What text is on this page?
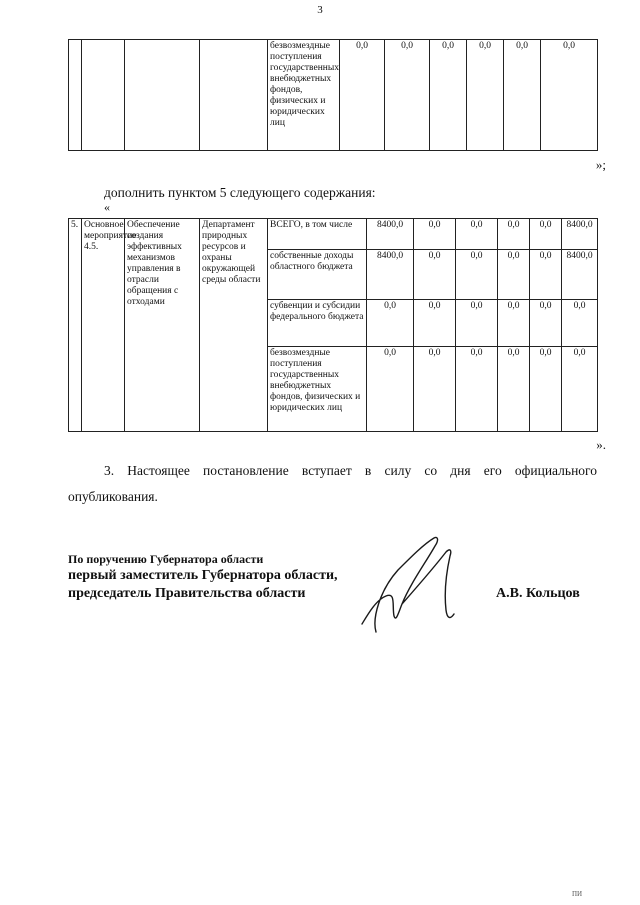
3
				безвозмездные поступления государственных внебюджетных фондов, физических и юридических лиц	0,0	0,0	0,0	0,0	0,0	0,0
»;
дополнить пунктом 5 следующего содержания:
«
5.	Основное мероприятие 4.5.	Обеспечение создания эффективных механизмов управления в отрасли обращения с отходами	Департамент природных ресурсов и охраны окружающей среды области	ВСЕГО, в том числе	8400,0	0,0	0,0	0,0	0,0	8400,0
				собственные доходы областного бюджета	8400,0	0,0	0,0	0,0	0,0	8400,0
				субвенции и субсидии федерального бюджета	0,0	0,0	0,0	0,0	0,0	0,0
				безвозмездные поступления государственных внебюджетных фондов, физических и юридических лиц	0,0	0,0	0,0	0,0	0,0	0,0
».
3. Настоящее постановление вступает в силу со дня его официального опубликования.
По поручению Губернатора области
первый заместитель Губернатора области,
председатель Правительства области	А.В. Кольцов
ПИ
